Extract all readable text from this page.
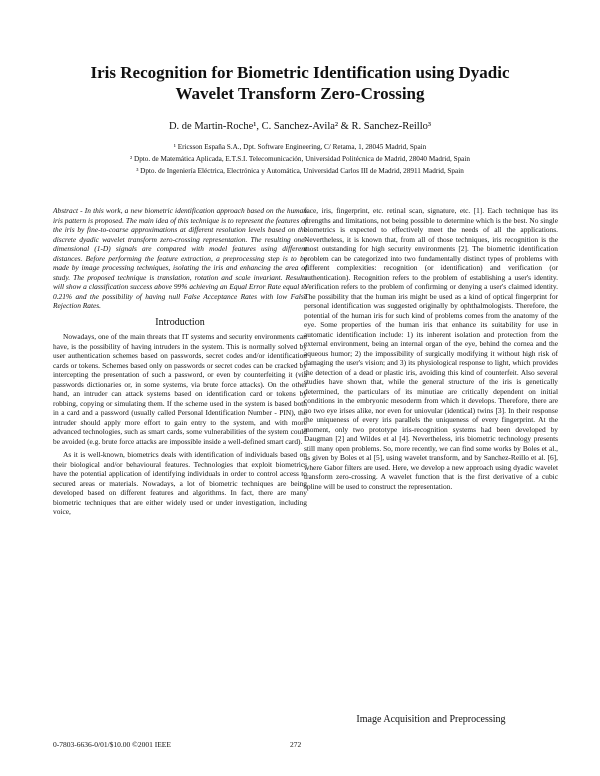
Iris Recognition for Biometric Identification using Dyadic
Wavelet Transform Zero-Crossing
D. de Martin-Roche¹, C. Sanchez-Avila² & R. Sanchez-Reillo³
¹ Ericsson España S.A., Dpt. Software Engineering, C/ Retama, 1, 28045 Madrid, Spain
² Dpto. de Matemática Aplicada, E.T.S.I. Telecomunicación, Universidad Politécnica de Madrid, 28040 Madrid, Spain
³ Dpto. de Ingeniería Eléctrica, Electrónica y Automática, Universidad Carlos III de Madrid, 28911 Madrid, Spain

Abstract - In this work, a new biometric identification approach based on the human iris pattern is proposed. The main idea of this technique is to represent the features of the iris by fine-to-coarse approximations at different resolution levels based on the discrete dyadic wavelet transform zero-crossing representation. The resulting one-dimensional (1-D) signals are compared with model features using different distances. Before performing the feature extraction, a preprocessing step is to be made by image processing techniques, isolating the iris and enhancing the area of study. The proposed technique is translation, rotation and scale invariant. Results will show a classification success above 99% achieving an Equal Error Rate equal to 0.21% and the possibility of having null False Acceptance Rates with low False Rejection Rates.

Introduction

Nowadays, one of the main threats that IT systems and security environments can have, is the possibility of having intruders in the system. This is normally solved by user authentication schemes based on passwords, secret codes and/or identification cards or tokens. Schemes based only on passwords or secret codes can be cracked by intercepting the presentation of such a password, or even by counterfeiting it (via passwords dictionaries or, in some systems, via brute force attacks). On the other hand, an intruder can attack systems based on identification card or tokens by robbing, copying or simulating them. If the scheme used in the system is based both in a card and a password (usually called Personal Identification Number - PIN), the intruder should apply more effort to gain entry to the system, and with more advanced technologies, such as smart cards, some vulnerabilities of the system could be avoided (e.g. brute force attacks are impossible inside a well-defined smart card).

As it is well-known, biometrics deals with identification of individuals based on their biological and/or behavioural features. Technologies that exploit biometrics have the potential application of identifying individuals in order to control access to secured areas or materials. Nowadays, a lot of biometric techniques are being developed based on different features and algorithms. In fact, there are many biometric techniques that are either widely used or under investigation, including voice,

face, iris, fingerprint, etc. retinal scan, signature, etc. [1]. Each technique has its strengths and limitations, not being possible to determine which is the best. No single biometrics is expected to effectively meet the needs of all the applications. Nevertheless, it is known that, from all of those techniques, iris recognition is the most outstanding for high security environments [2]. The biometric identification problem can be categorized into two fundamentally distinct types of problems with different complexities: recognition (or identification) and verification (or authentication). Recognition refers to the problem of establishing a user's identity. Verification refers to the problem of confirming or denying a user's claimed identity. The possibility that the human iris might be used as a kind of optical fingerprint for personal identification was suggested originally by ophthalmologists. Therefore, the potential of the human iris for such kind of problems comes from the anatomy of the eye. Some properties of the human iris that enhance its suitability for use in automatic identification include: 1) its inherent isolation and protection from the external environment, being an internal organ of the eye, behind the cornea and the aqueous humor; 2) the impossibility of surgically modifying it without high risk of damaging the user's vision; and 3) its physiological response to light, which provides the detection of a dead or plastic iris, avoiding this kind of counterfeit. Also several studies have shown that, while the general structure of the iris is genetically determined, the particulars of its minutiae are critically dependent on initial conditions in the embryonic mesoderm from which it develops. Therefore, there are no two eye irises alike, nor even for uniovular (identical) twins [3]. In their response the uniqueness of every iris parallels the uniqueness of every fingerprint. At the moment, only two prototype iris-recognition systems had been developed by Daugman [2] and Wildes et al [4]. Nevertheless, iris biometric technology presents still many open problems. So, more recently, we can find some works by Boles et al., as given by Boles et al [5], using wavelet transform, and by Sanchez-Reillo et al. [6], where Gabor filters are used. Here, we develop a new approach using dyadic wavelet transform zero-crossing. A wavelet function that is the first derivative of a cubic spline will be used to construct the representation.

Image Acquisition and Preprocessing
0-7803-6636-0/01/$10.00 ©2001 IEEE	272
